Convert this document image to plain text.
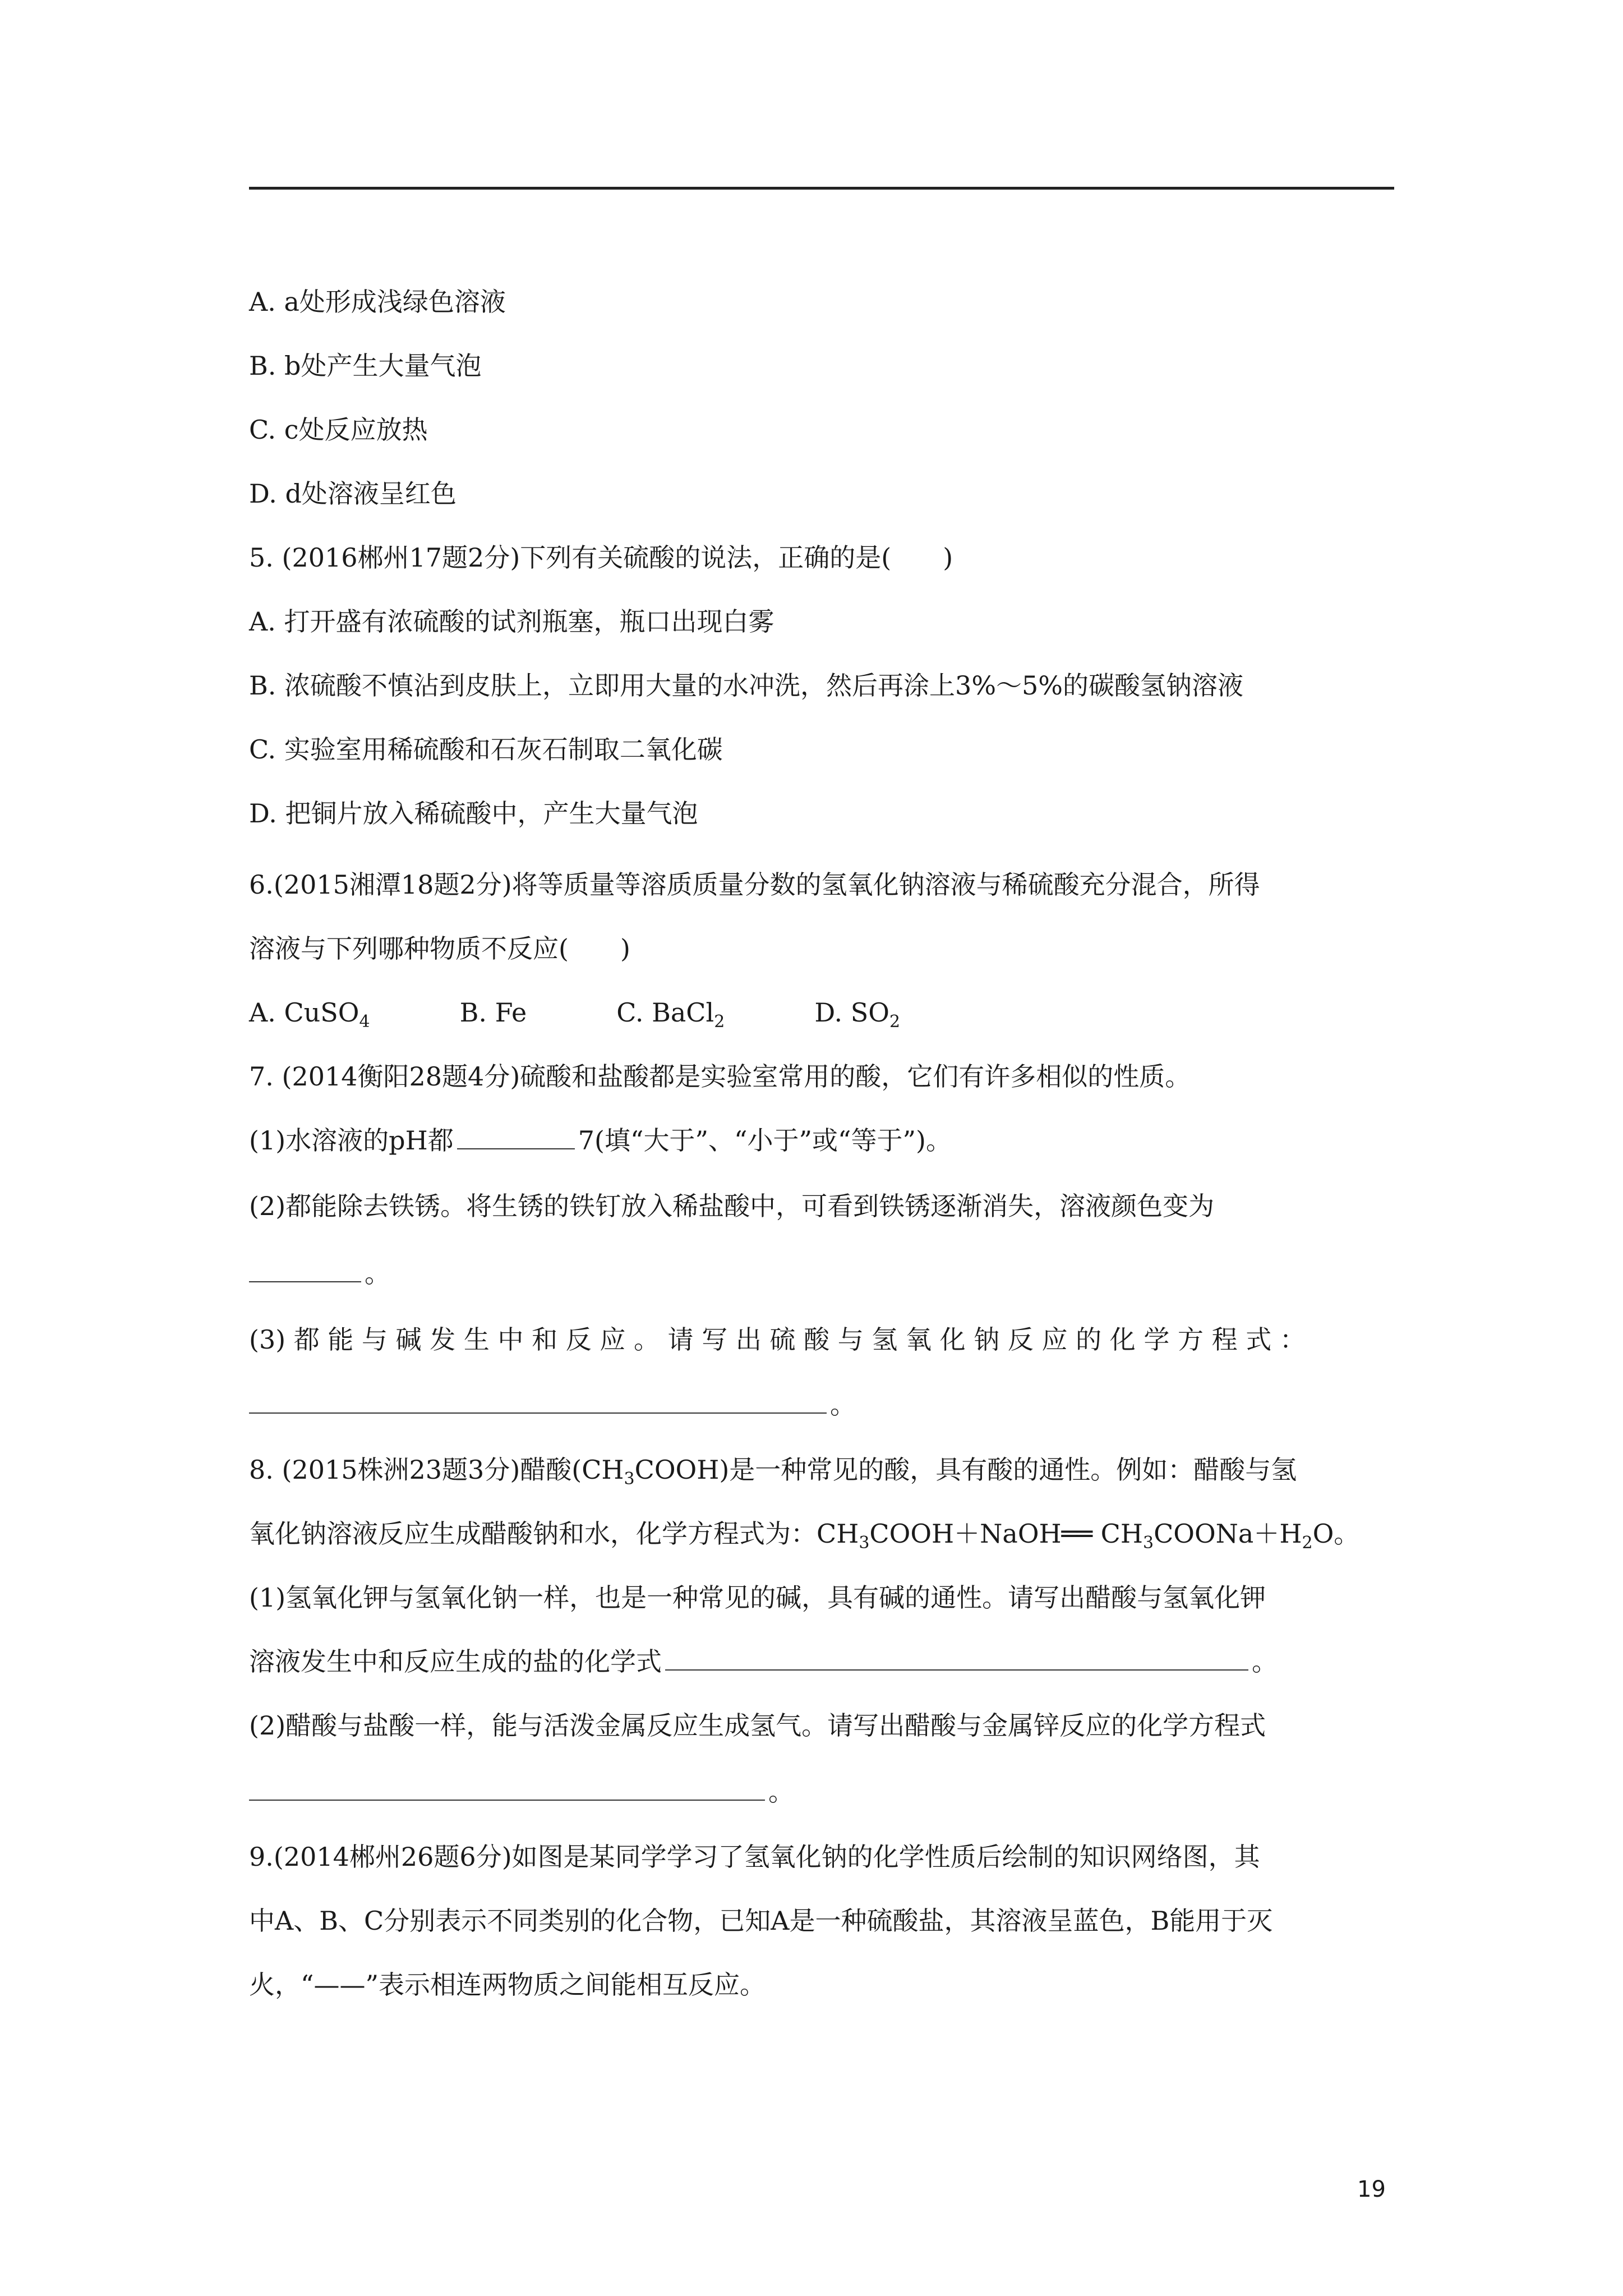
A. a处形成浅绿色溶液
B. b处产生大量气泡
C. c处反应放热
D. d处溶液呈红色
5. (2016郴州17题2分)下列有关硫酸的说法，正确的是(　　)
A. 打开盛有浓硫酸的试剂瓶塞，瓶口出现白雾
B. 浓硫酸不慎沾到皮肤上，立即用大量的水冲洗，然后再涂上3%～5%的碳酸氢钠溶液
C. 实验室用稀硫酸和石灰石制取二氧化碳
D. 把铜片放入稀硫酸中，产生大量气泡
6.(2015湘潭18题2分)将等质量等溶质质量分数的氢氧化钠溶液与稀硫酸充分混合，所得
溶液与下列哪种物质不反应(　　)
A. CuSO$_4$	B. Fe	C. BaCl$_2$	D. $SO_2$
7. (2014衡阳28题4分)硫酸和盐酸都是实验室常用的酸，它们有许多相似的性质。
(1)水溶液的pH都	7(填“大于”、“小于”或“等于”)。
(2)都能除去铁锈。将生锈的铁钉放入稀盐酸中，可看到铁锈逐渐消失，溶液颜色变为
。
(3) 都 能 与 碱 发 生 中 和 反 应 。 请 写 出 硫 酸 与 氢 氧 化 钠 反 应 的 化 学 方 程 式 ：
。
8. (2015株洲23题3分)醋酸$(CH_3COOH)$是一种常见的酸，具有酸的通性。例如：醋酸与氢
氧化钠溶液反应生成醋酸钠和水，化学方程式为：$CH_3COOH+NaOH══$ $CH_3COONa+H_2O$。
(1)氢氧化钾与氢氧化钠一样，也是一种常见的碱，具有碱的通性。请写出醋酸与氢氧化钾
溶液发生中和反应生成的盐的化学式	。
(2)醋酸与盐酸一样，能与活泼金属反应生成氢气。请写出醋酸与金属锌反应的化学方程式
。
9.(2014郴州26题6分)如图是某同学学习了氢氧化钠的化学性质后绘制的知识网络图，其
中A、B、C分别表示不同类别的化合物，已知A是一种硫酸盐，其溶液呈蓝色，B能用于灭
火，“——”表示相连两物质之间能相互反应。
19
